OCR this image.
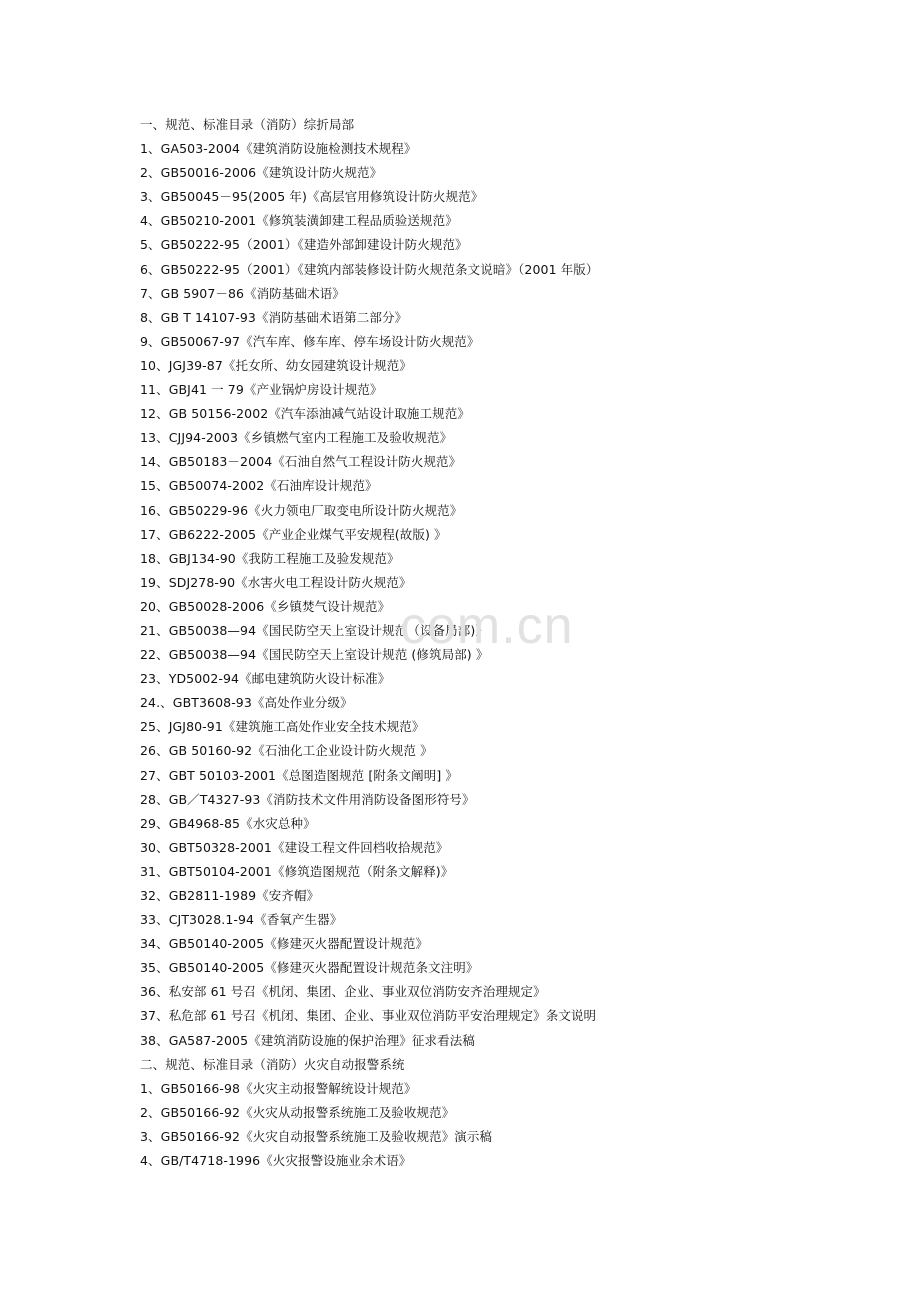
一、规范、标准目录（消防）综折局部
1、GA503-2004《建筑消防设施检测技术规程》
2、GB50016-2006《建筑设计防火规范》
3、GB50045－95(2005 年)《高层官用修筑设计防火规范》
4、GB50210-2001《修筑装潢卸建工程品质验送规范》
5、GB50222-95（2001）《建造外部卸建设计防火规范》
6、GB50222-95（2001）《建筑内部装修设计防火规范条文说暗》（2001 年版）
7、GB 5907－86《消防基础术语》
8、GB T 14107-93《消防基础术语第二部分》
9、GB50067-97《汽车库、修车库、停车场设计防火规范》
10、JGJ39-87《托女所、幼女园建筑设计规范》
11、GBJ41 一 79《产业锅炉房设计规范》
12、GB 50156-2002《汽车添油减气站设计取施工规范》
13、CJJ94-2003《乡镇燃气室内工程施工及验收规范》
14、GB50183－2004《石油自然气工程设计防火规范》
15、GB50074-2002《石油库设计规范》
16、GB50229-96《火力领电厂取变电所设计防火规范》
17、GB6222-2005《产业企业煤气平安规程(故版) 》
18、GBJ134-90《我防工程施工及验发规范》
19、SDJ278-90《水害火电工程设计防火规范》
20、GB50028-2006《乡镇焚气设计规范》
21、GB50038—94《国民防空天上室设计规范（设备局部)》
22、GB50038—94《国民防空天上室设计规范 (修筑局部) 》
23、YD5002-94《邮电建筑防火设计标准》
24.、GBT3608-93《高处作业分级》
25、JGJ80-91《建筑施工高处作业安全技术规范》
26、GB 50160-92《石油化工企业设计防火规范 》
27、GBT 50103-2001《总图造图规范 [附条文阐明] 》
28、GB／T4327-93《消防技术文件用消防设备图形符号》
29、GB4968-85《水灾总种》
30、GBT50328-2001《建设工程文件回档收拾规范》
31、GBT50104-2001《修筑造图规范（附条文解释)》
32、GB2811-1989《安齐帽》
33、CJT3028.1-94《香氧产生器》
34、GB50140-2005《修建灭火器配置设计规范》
35、GB50140-2005《修建灭火器配置设计规范条文注明》
36、私安部 61 号召《机闭、集团、企业、事业双位消防安齐治理规定》
37、私危部 61 号召《机闭、集团、企业、事业双位消防平安治理规定》条文说明
38、GA587-2005《建筑消防设施的保护治理》征求看法稿
二、规范、标准目录（消防）火灾自动报警系统
1、GB50166-98《火灾主动报警解统设计规范》
2、GB50166-92《火灾从动报警系统施工及验收规范》
3、GB50166-92《火灾自动报警系统施工及验收规范》演示稿
4、GB/T4718-1996《火灾报警设施业余术语》
com.cn
